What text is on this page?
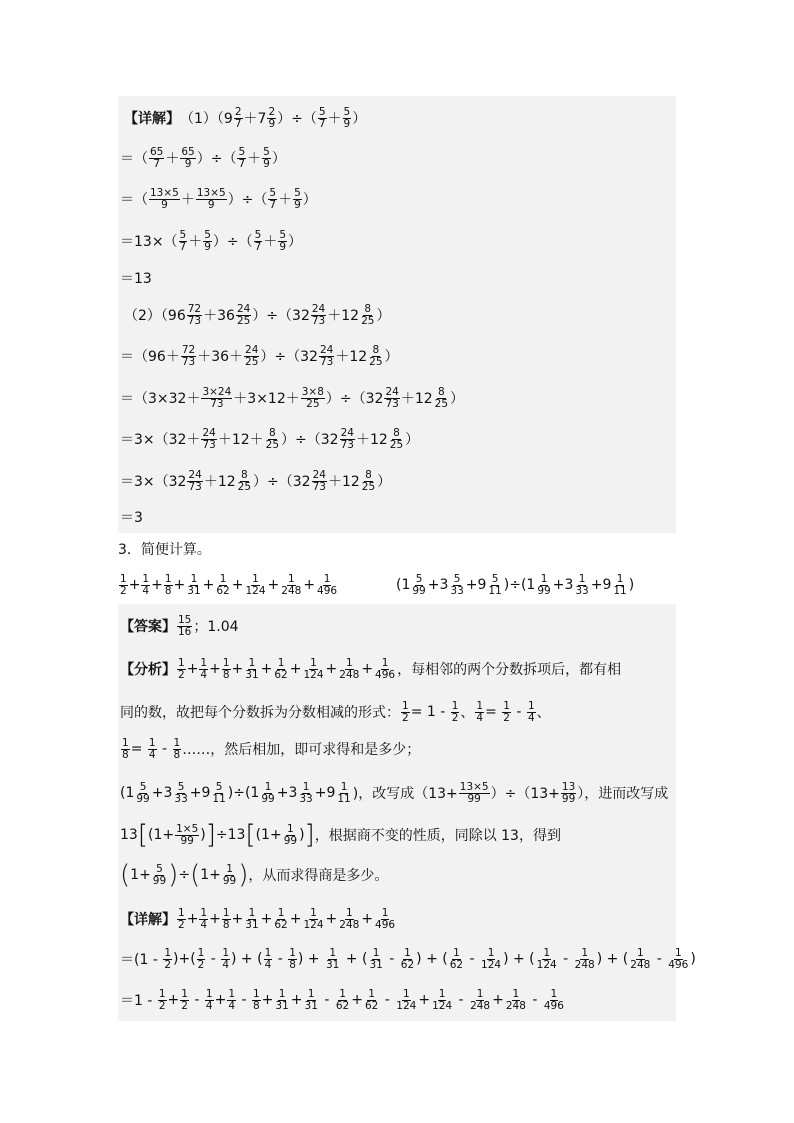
【详解】 $(1)(9 \frac{2}{7} +7 \frac{2}{9}$ ）÷（ $\frac{5}{7} + \frac{5}{9}$ ）
＝（ $\frac{65}{7} + \frac{65}{9}$ ）÷（ $\frac{5}{7} + \frac{5}{9}$ ）
＝（ $\frac{13\times 5}{9} + \frac{13\times 5}{9}$ ）÷（ $\frac{5}{7} + \frac{5}{9}$ ）
$=13\times( \frac{5}{7} + \frac{5}{9}$ ）÷（ $\frac{5}{7} + \frac{5}{9}$ ）
＝13
$(2)(96 \frac{72}{73} +36 \frac{24}{25} )\div(32 \frac{24}{73} +12 \frac{8}{25}$ ）
$=(96+ \frac{72}{73} +36+ \frac{24}{25} )\div(32 \frac{24}{73} +12 \frac{8}{25}$ ）
$=(3\times 32+ \frac{3\times 24}{73} +3\times 12+ \frac{3\times 8}{25} )\div(32 \frac{24}{73} +12 \frac{8}{25}$ ）
$=3\times(32+ \frac{24}{73} +12+ \frac{8}{25} )\div(32 \frac{24}{73} +12 \frac{8}{25}$ ）
$=3\times(32 \frac{24}{73} +12 \frac{8}{25} )\div(32 \frac{24}{73} +12 \frac{8}{25}$ ）
＝3
3．简便计算。
$\frac{1}{2} + \frac{1}{4} + \frac{1}{8} + \frac{1}{31} + \frac{1}{62} + \frac{1}{124} + \frac{1}{248} + \frac{1}{496}$	$(1 \frac{5}{99} +3 \frac{5}{33} +9 \frac{5}{11} )\div(1 \frac{1}{99} +3 \frac{1}{33} +9 \frac{1}{11}$ )
【答案】 $\frac{15}{16}$ ；1.04
【分析】 $\frac{1}{2} + \frac{1}{4} + \frac{1}{8} + \frac{1}{31} + \frac{1}{62} + \frac{1}{124} + \frac{1}{248} + \frac{1}{496}$ ，每相邻的两个分数拆项后，都有相
同的数，故把每个分数拆为分数相减的形式： $\frac{1}{2} = 1 - \frac{1}{2}$ 、 $\frac{1}{4} = \frac{1}{2} - \frac{1}{4}$ 、
$\frac{1}{8} = \frac{1}{4} - \frac{1}{8}$ ……，然后相加，即可求得和是多少；
$(1 \frac{5}{99} +3 \frac{5}{33} +9 \frac{5}{11} )\div(1 \frac{1}{99} +3 \frac{1}{33} +9 \frac{1}{11}$ )，改写成$(13+ \frac{13\times 5}{99} )\div(13+ \frac{13}{99}$ ），进而改写成
13 [ ($1+ \frac{1\times 5}{99}$ ) ] ÷13 [ ($1+ \frac{1}{99}$ ) ] ，根据商不变的性质，同除以 13，得到
( $1+ \frac{5}{99}$ ) ÷ ( $1+ \frac{1}{99}$ ) ，从而求得商是多少。
【详解】 $\frac{1}{2} + \frac{1}{4} + \frac{1}{8} + \frac{1}{31} + \frac{1}{62} + \frac{1}{124} + \frac{1}{248} + \frac{1}{496}$
$=(1 - \frac{1}{2}$ )+( $\frac{1}{2} - \frac{1}{4}$ ) + ( $\frac{1}{4} - \frac{1}{8}$ ) + $\frac{1}{31}$ + ( $\frac{1}{31} - \frac{1}{62}$ ) + ( $\frac{1}{62} - \frac{1}{124}$ ) + ( $\frac{1}{124} - \frac{1}{248}$ ) + ( $\frac{1}{248} - \frac{1}{496}$ )
$=1 - \frac{1}{2} + \frac{1}{2} - \frac{1}{4} + \frac{1}{4} - \frac{1}{8} + \frac{1}{31} + \frac{1}{31} - \frac{1}{62} + \frac{1}{62} - \frac{1}{124} + \frac{1}{124} - \frac{1}{248} + \frac{1}{248} - \frac{1}{496}$
